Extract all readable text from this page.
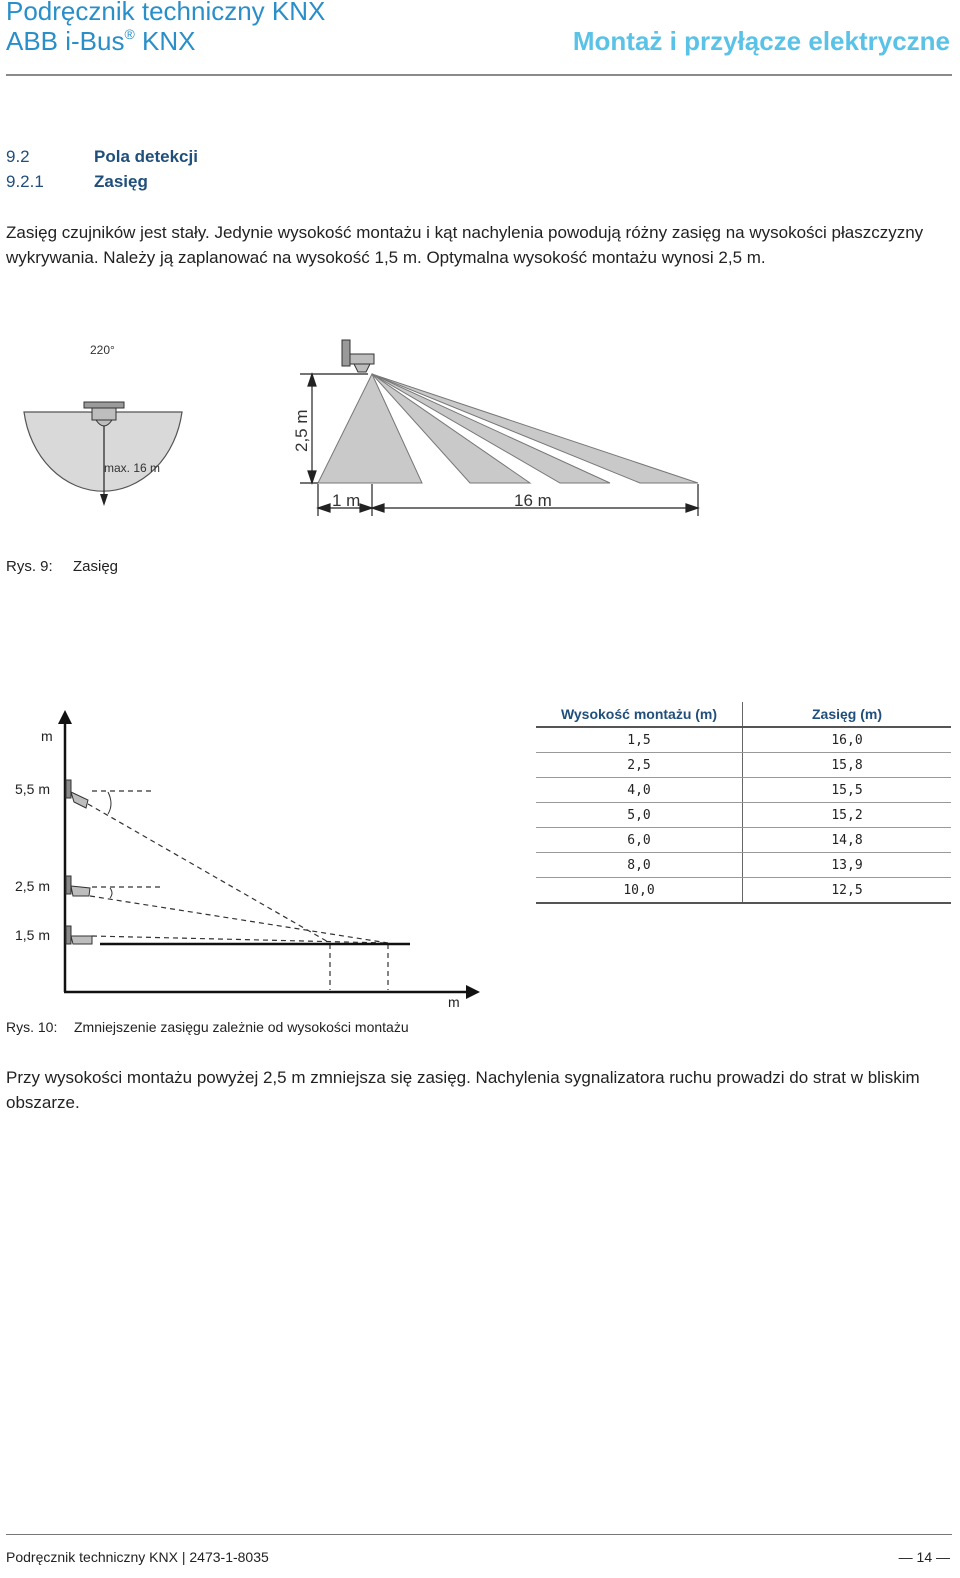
Podręcznik techniczny KNX
ABB i-Bus® KNX	Montaż i przyłącze elektryczne
9.2	Pola detekcji
9.2.1	Zasięg
Zasięg czujników jest stały. Jedynie wysokość montażu i kąt nachylenia powodują różny zasięg na wysokości płaszczyzny wykrywania. Należy ją zaplanować na wysokość 1,5 m. Optymalna wysokość montażu wynosi 2,5 m.
220°
max. 16 m
2,5 m
1 m	16 m
Rys. 9: Zasięg
m
m
5,5 m
2,5 m
1,5 m
Rys. 10: Zmniejszenie zasięgu zależnie od wysokości montażu
Wysokość montażu (m)	Zasięg (m)
1,5	16,0
2,5	15,8
4,0	15,5
5,0	15,2
6,0	14,8
8,0	13,9
10,0	12,5
Przy wysokości montażu powyżej 2,5 m zmniejsza się zasięg. Nachylenia sygnalizatora ruchu prowadzi do strat w bliskim obszarze.
Podręcznik techniczny KNX | 2473-1-8035	— 14 —
